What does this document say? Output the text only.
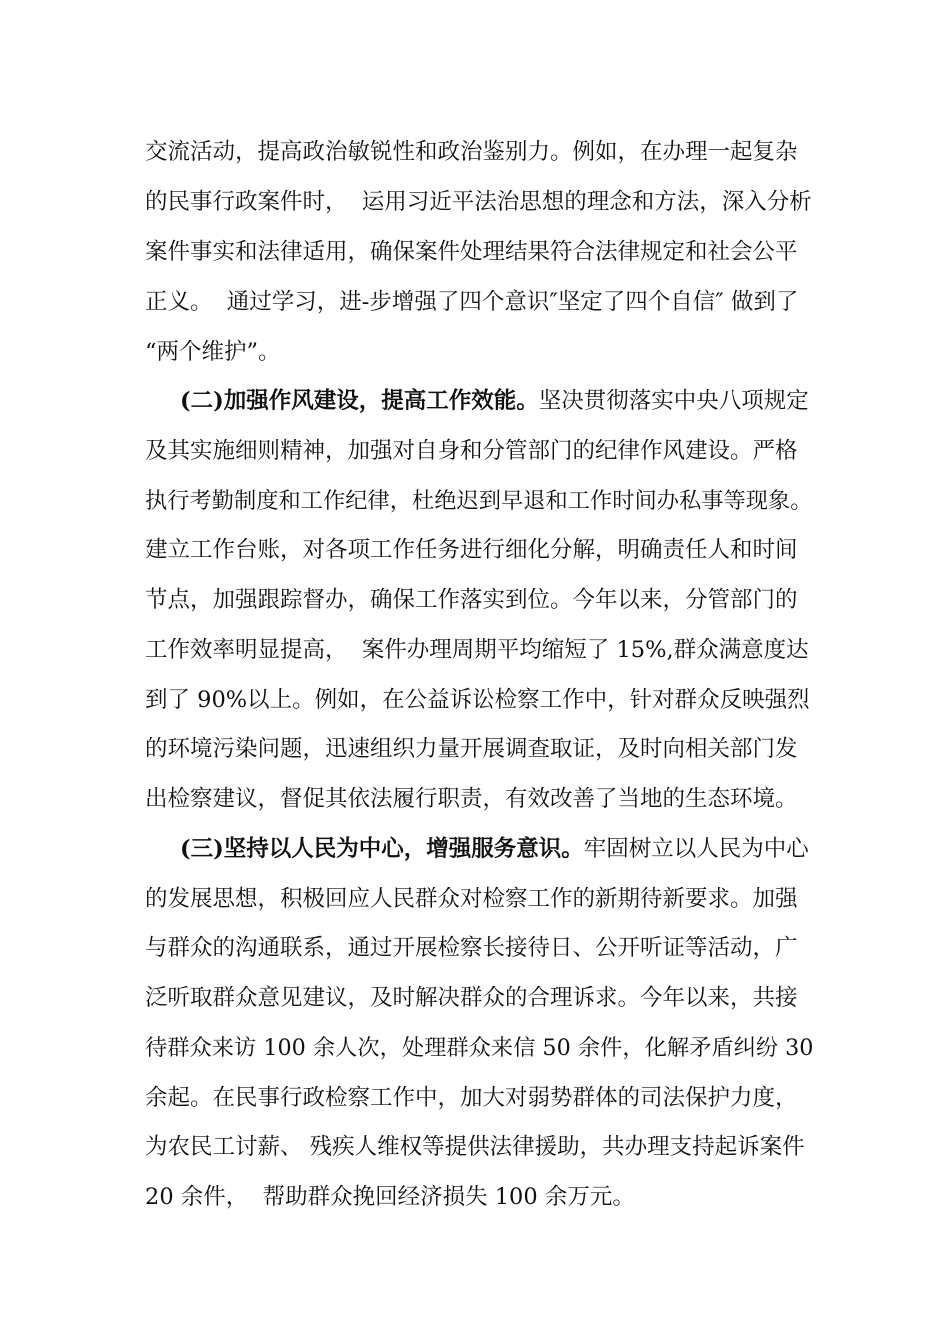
交流活动，提高政治敏锐性和政治鉴别力。例如，在办理一起复杂
的民事行政案件时，  运用习近平法治思想的理念和方法，深入分析
案件事实和法律适用，确保案件处理结果符合法律规定和社会公平
正义。  通过学习，进-步增强了四个意识″坚定了四个自信″ 做到了
“两个维护”。
(二)加强作风建设，提高工作效能。坚决贯彻落实中央八项规定
及其实施细则精神，加强对自身和分管部门的纪律作风建设。严格
执行考勤制度和工作纪律，杜绝迟到早退和工作时间办私事等现象。
建立工作台账，对各项工作任务进行细化分解，明确责任人和时间
节点，加强跟踪督办，确保工作落实到位。今年以来，分管部门的
工作效率明显提高，  案件办理周期平均缩短了 15%,群众满意度达
到了 90%以上。例如，在公益诉讼检察工作中，针对群众反映强烈
的环境污染问题，迅速组织力量开展调查取证，及时向相关部门发
出检察建议，督促其依法履行职责，有效改善了当地的生态环境。
(三)坚持以人民为中心，增强服务意识。牢固树立以人民为中心
的发展思想，积极回应人民群众对检察工作的新期待新要求。加强
与群众的沟通联系，通过开展检察长接待日、公开听证等活动，广
泛听取群众意见建议，及时解决群众的合理诉求。今年以来，共接
待群众来访 100 余人次，处理群众来信 50 余件，化解矛盾纠纷 30
余起。在民事行政检察工作中，加大对弱势群体的司法保护力度，
为农民工讨薪、 残疾人维权等提供法律援助，共办理支持起诉案件
20 余件，  帮助群众挽回经济损失 100 余万元。
